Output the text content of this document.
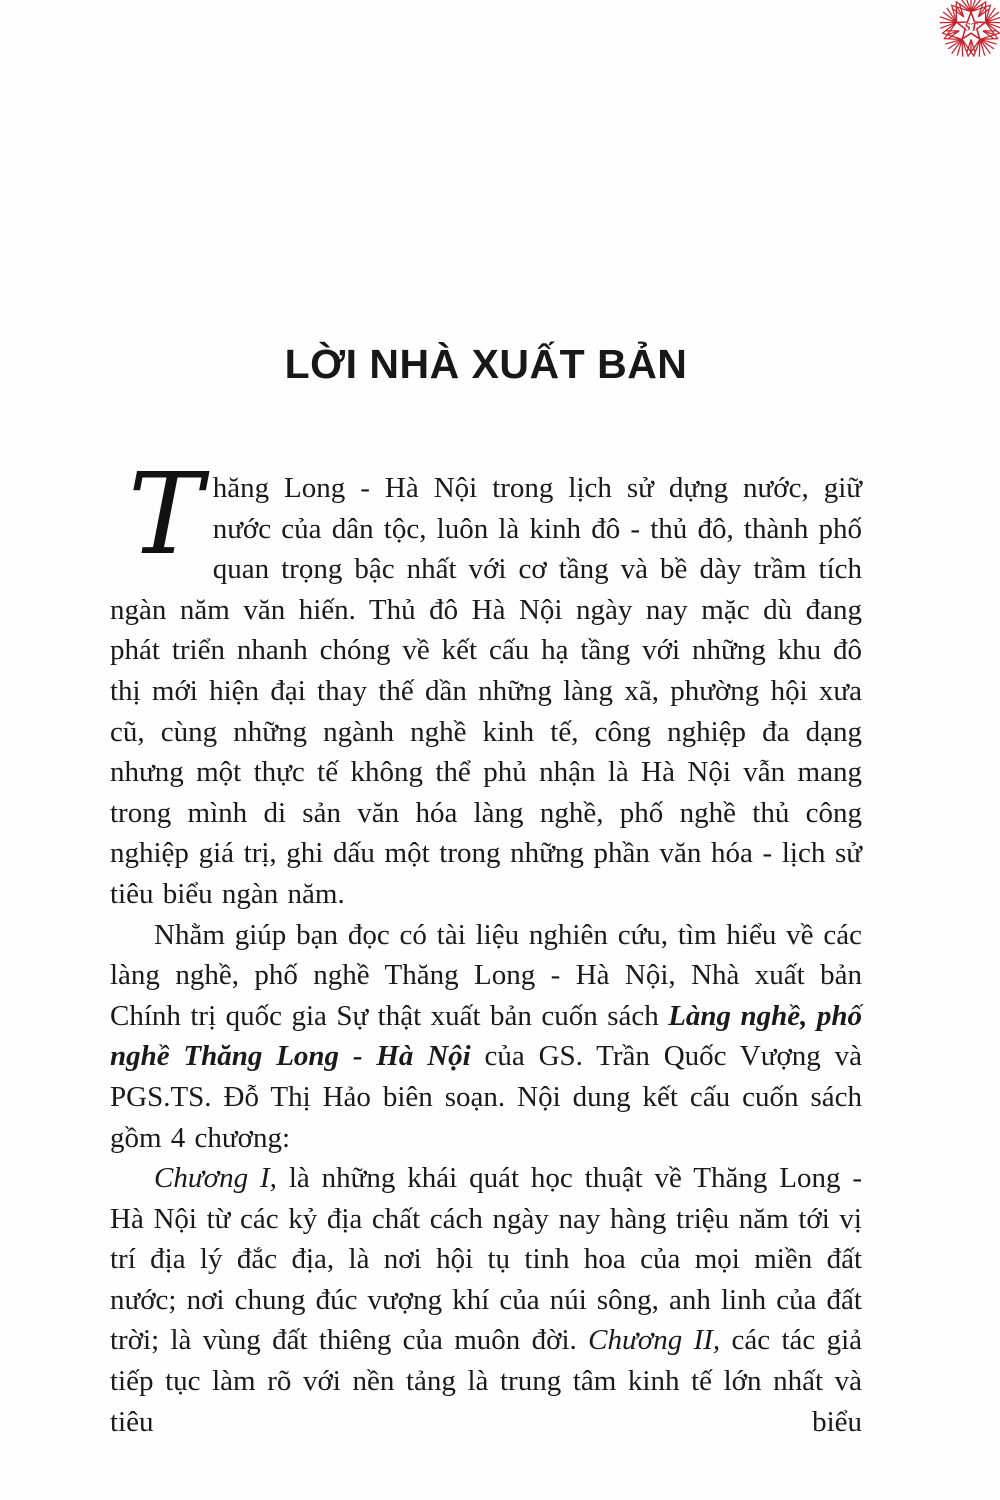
ST
LỜI NHÀ XUẤT BẢN

Thăng Long - Hà Nội trong lịch sử dựng nước, giữ nước của dân tộc, luôn là kinh đô - thủ đô, thành phố quan trọng bậc nhất với cơ tầng và bề dày trầm tích ngàn năm văn hiến. Thủ đô Hà Nội ngày nay mặc dù đang phát triển nhanh chóng về kết cấu hạ tầng với những khu đô thị mới hiện đại thay thế dần những làng xã, phường hội xưa cũ, cùng những ngành nghề kinh tế, công nghiệp đa dạng nhưng một thực tế không thể phủ nhận là Hà Nội vẫn mang trong mình di sản văn hóa làng nghề, phố nghề thủ công nghiệp giá trị, ghi dấu một trong những phần văn hóa - lịch sử tiêu biểu ngàn năm.

Nhằm giúp bạn đọc có tài liệu nghiên cứu, tìm hiểu về các làng nghề, phố nghề Thăng Long - Hà Nội, Nhà xuất bản Chính trị quốc gia Sự thật xuất bản cuốn sách Làng nghề, phố nghề Thăng Long - Hà Nội của GS. Trần Quốc Vượng và PGS.TS. Đỗ Thị Hảo biên soạn. Nội dung kết cấu cuốn sách gồm 4 chương:

Chương I, là những khái quát học thuật về Thăng Long - Hà Nội từ các kỷ địa chất cách ngày nay hàng triệu năm tới vị trí địa lý đắc địa, là nơi hội tụ tinh hoa của mọi miền đất nước; nơi chung đúc vượng khí của núi sông, anh linh của đất trời; là vùng đất thiêng của muôn đời. Chương II, các tác giả tiếp tục làm rõ với nền tảng là trung tâm kinh tế lớn nhất và tiêu biểu
